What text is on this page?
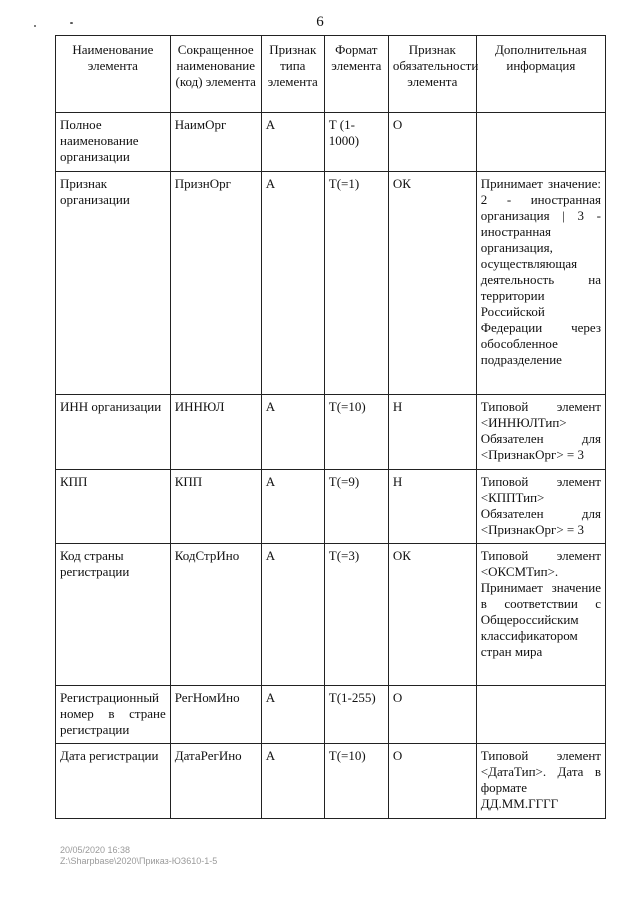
6
Наименование элемента	Сокращенное наименование (код) элемента	Признак типа элемента	Формат элемента	Признак обязательности элемента	Дополнительная информация
Полное наименование организации	НаимОрг	А	T (1-1000)	О	
Признак организации	ПризнОрг	А	T(=1)	ОК	Принимает значение: 2 - иностранная организация | 3 - иностранная организация, осуществляющая деятельность на территории Российской Федерации через обособленное подразделение
ИНН организации	ИННЮЛ	А	T(=10)	Н	Типовой элемент <ИННЮЛТип> Обязателен для <ПризнакОрг> = 3
КПП	КПП	А	T(=9)	Н	Типовой элемент <КППТип> Обязателен для <ПризнакОрг> = 3
Код страны регистрации	КодСтрИно	А	T(=3)	ОК	Типовой элемент <ОКСМТип>. Принимает значение в соответствии с Общероссийским классификатором стран мира
Регистрационный номер в стране регистрации	РегНомИно	А	T(1-255)	О	
Дата регистрации	ДатаРегИно	А	T(=10)	О	Типовой элемент <ДатаТип>. Дата в формате ДД.ММ.ГГГГ
20/05/2020 16:38
Z:\Sharpbase\2020\Приказ-ЮЗ610-1-5
